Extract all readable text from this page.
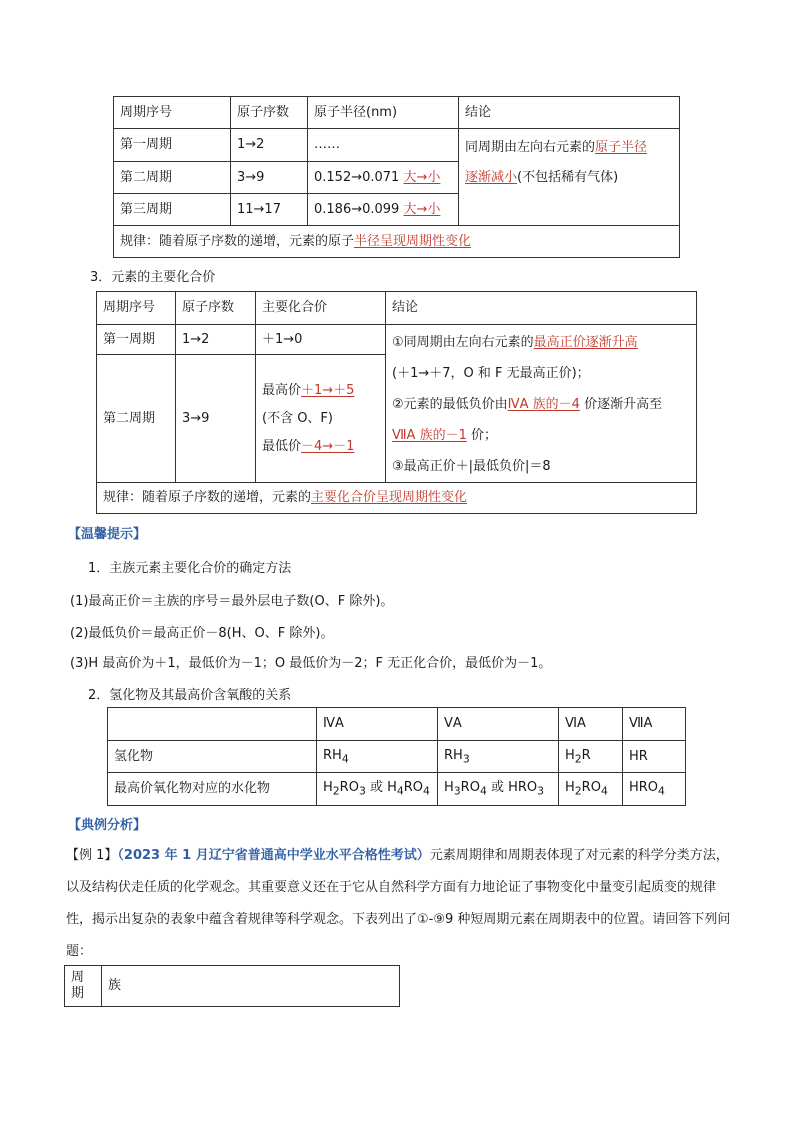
周期序号	原子序数	原子半径(nm)	结论
第一周期	1→2	……	同周期由左向右元素的原子半径

逐渐减小(不包括稀有气体)

第二周期	3→9	0.152→0.071 大→小	
第三周期	11→17	0.186→0.099 大→小	
规律：随着原子序数的递增，元素的原子半径呈现周期性变化			
3．元素的主要化合价
周期序号	原子序数	主要化合价	结论
第一周期	1→2	＋1→0	①同周期由左向右元素的最高正价逐渐升高

(＋1→＋7，O 和 F 无最高正价)；

②元素的最低负价由ⅣA 族的－4 价逐渐升高至

ⅦA 族的－1 价；

③最高正价＋|最低负价|＝8

第二周期	3→9	最高价＋1→＋5

(不含 O、F)

最低价－4→－1	

规律：随着原子序数的递增，元素的主要化合价呈现周期性变化			
【温馨提示】
1．主族元素主要化合价的确定方法
(1)最高正价＝主族的序号＝最外层电子数(O、F 除外)。
(2)最低负价＝最高正价－8(H、O、F 除外)。
(3)H 最高价为＋1，最低价为－1；O 最低价为－2；F 无正化合价，最低价为－1。
2．氢化物及其最高价含氧酸的关系
	ⅣA	ⅤA	ⅥA	ⅦA
氢化物	$RH_4$	$RH_3$	$H_2R$	HR
最高价氧化物对应的水化物	$H_2RO_3$ 或 $H_4RO_4$	$H_3RO_4$ 或 $HRO_3$	$H_2RO_4$	$HRO_4$
【典例分析】
【例 1】（2023 年 1 月辽宁省普通高中学业水平合格性考试）元素周期律和周期表体现了对元素的科学分类方法，以及结构伏走任质的化学观念。其重要意义还在于它从自然科学方面有力地论证了事物变化中量变引起质变的规律性，揭示出复杂的表象中蕴含着规律等科学观念。下表列出了①-⑨9 种短周期元素在周期表中的位置。请回答下列问题：
周期	族
